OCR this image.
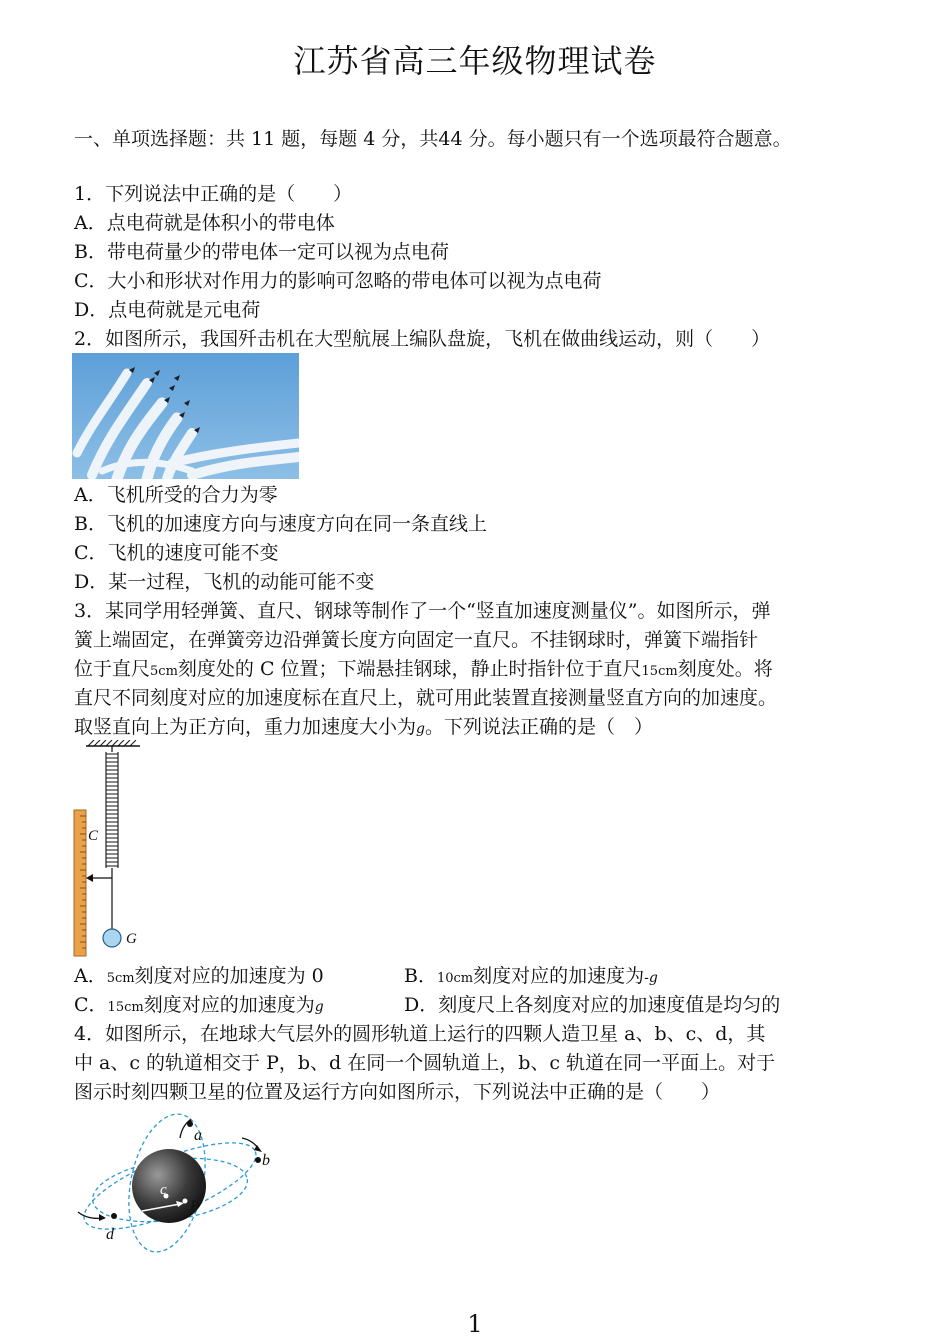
江苏省高三年级物理试卷
一、单项选择题：共 11 题，每题 4 分，共44 分。每小题只有一个选项最符合题意。
1．下列说法中正确的是（　　）
A．点电荷就是体积小的带电体
B．带电荷量少的带电体一定可以视为点电荷
C．大小和形状对作用力的影响可忽略的带电体可以视为点电荷
D．点电荷就是元电荷
2．如图所示，我国歼击机在大型航展上编队盘旋，飞机在做曲线运动，则（　　）
A．飞机所受的合力为零
B．飞机的加速度方向与速度方向在同一条直线上
C．飞机的速度可能不变
D．某一过程，飞机的动能可能不变
3．某同学用轻弹簧、直尺、钢球等制作了一个“竖直加速度测量仪”。如图所示，弹
簧上端固定，在弹簧旁边沿弹簧长度方向固定一直尺。不挂钢球时，弹簧下端指针
位于直尺5cm刻度处的 C 位置；下端悬挂钢球，静止时指针位于直尺15cm刻度处。将
直尺不同刻度对应的加速度标在直尺上，就可用此装置直接测量竖直方向的加速度。
取竖直向上为正方向，重力加速度大小为g。下列说法正确的是（　）
C
G
A．5cm刻度对应的加速度为 0	B．10cm刻度对应的加速度为-g
C．15cm刻度对应的加速度为g	D．刻度尺上各刻度对应的加速度值是均匀的
4．如图所示，在地球大气层外的圆形轨道上运行的四颗人造卫星 a、b、c、d，其
中 a、c 的轨道相交于 P，b、d 在同一个圆轨道上，b、c 轨道在同一平面上。对于
图示时刻四颗卫星的位置及运行方向如图所示，下列说法中正确的是（　　）
a
b
c
P
d
1
